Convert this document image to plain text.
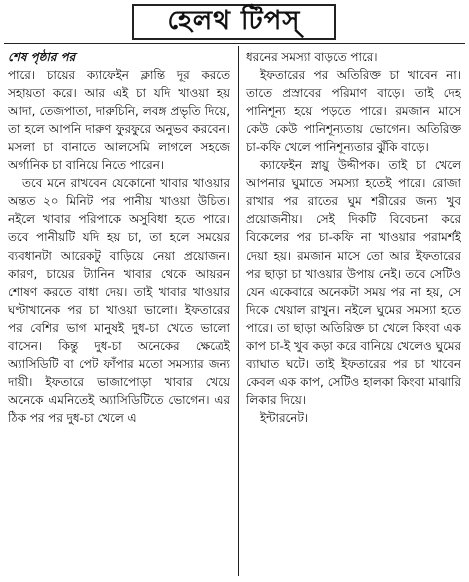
হেলথ টিপস্

শেষ পৃষ্ঠার পর

পারে। চায়ের ক্যাফেইন ক্লান্তি দূর করতে সহায়তা করে। আর এই চা যদি খাওয়া হয় আদা, তেজপাতা, দারুচিনি, লবঙ্গ প্রভৃতি দিয়ে, তা হলে আপনি দারুণ ফুরফুরে অনুভব করবেন। মসলা চা বানাতে আলসেমি লাগলে সহজে অর্গানিক চা বানিয়ে নিতে পারেন।

তবে মনে রাখবেন যেকোনো খাবার খাওয়ার অন্তত ২০ মিনিট পর পানীয় খাওয়া উচিত। নইলে খাবার পরিপাকে অসুবিধা হতে পারে। তবে পানীয়টি যদি হয় চা, তা হলে সময়ের ব্যবধানটা আরেকটু বাড়িয়ে নেয়া প্রয়োজন। কারণ, চায়ের ট্যানিন খাবার থেকে আয়রন শোষণ করতে বাধা দেয়। তাই খাবার খাওয়ার ঘণ্টাখানেক পর চা খাওয়া ভালো। ইফতারের পর বেশির ভাগ মানুষই দুধ-চা খেতে ভালো বাসেন। কিন্তু দুধ-চা অনেকের ক্ষেত্রেই অ্যাসিডিটি বা পেট ফাঁপার মতো সমস্যার জন্য দায়ী। ইফতারে ভাজাপোড়া খাবার খেয়ে অনেকে এমনিতেই অ্যাসিডিটিতে ভোগেন। এর ঠিক পর পর দুধ-চা খেলে এ

ধরনের সমস্যা বাড়তে পারে।

ইফতারের পর অতিরিক্ত চা খাবেন না। তাতে প্রস্রাবের পরিমাণ বাড়ে। তাই দেহ পানিশূন্য হয়ে পড়তে পারে। রমজান মাসে কেউ কেউ পানিশূন্যতায় ভোগেন। অতিরিক্ত চা-কফি খেলে পানিশূন্যতার ঝুঁকি বাড়ে।

ক্যাফেইন স্নায়ু উদ্দীপক। তাই চা খেলে আপনার ঘুমাতে সমস্যা হতেই পারে। রোজা রাখার পর রাতের ঘুম শরীরের জন্য খুব প্রয়োজনীয়। সেই দিকটি বিবেচনা করে বিকেলের পর চা-কফি না খাওয়ার পরামর্শই দেয়া হয়। রমজান মাসে তো আর ইফতারের পর ছাড়া চা খাওয়ার উপায় নেই। তবে সেটিও যেন একেবারে অনেকটা সময় পর না হয়, সে দিকে খেয়াল রাখুন। নইলে ঘুমের সমস্যা হতে পারে। তা ছাড়া অতিরিক্ত চা খেলে কিংবা এক কাপ চা-ই খুব কড়া করে বানিয়ে খেলেও ঘুমের ব্যাঘাত ঘটে। তাই ইফতারের পর চা খাবেন কেবল এক কাপ, সেটিও হালকা কিংবা মাঝারি লিকার দিয়ে।

ইন্টারনেট।
